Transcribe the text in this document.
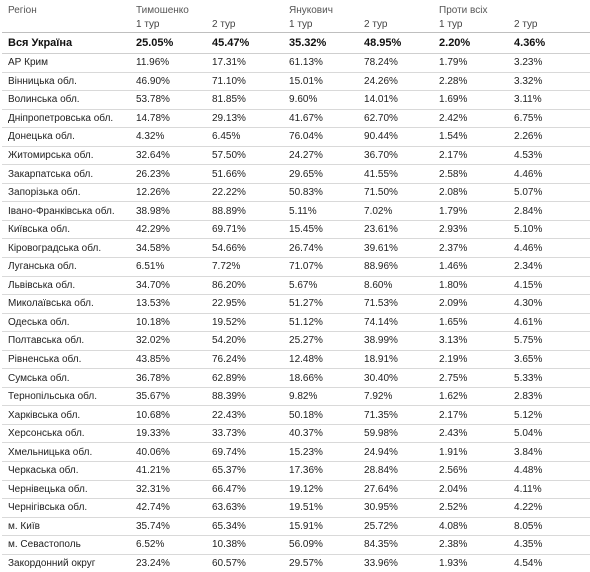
Регіон	Тимошенко		Янукович		Проти всіх	
	1 тур	2 тур	1 тур	2 тур	1 тур	2 тур
Вся Україна	25.05%	45.47%	35.32%	48.95%	2.20%	4.36%
АР Крим	11.96%	17.31%	61.13%	78.24%	1.79%	3.23%
Вінницька обл.	46.90%	71.10%	15.01%	24.26%	2.28%	3.32%
Волинська обл.	53.78%	81.85%	9.60%	14.01%	1.69%	3.11%
Дніпропетровська обл.	14.78%	29.13%	41.67%	62.70%	2.42%	6.75%
Донецька обл.	4.32%	6.45%	76.04%	90.44%	1.54%	2.26%
Житомирська обл.	32.64%	57.50%	24.27%	36.70%	2.17%	4.53%
Закарпатська обл.	26.23%	51.66%	29.65%	41.55%	2.58%	4.46%
Запорізька обл.	12.26%	22.22%	50.83%	71.50%	2.08%	5.07%
Івано-Франківська обл.	38.98%	88.89%	5.11%	7.02%	1.79%	2.84%
Київська обл.	42.29%	69.71%	15.45%	23.61%	2.93%	5.10%
Кіровоградська обл.	34.58%	54.66%	26.74%	39.61%	2.37%	4.46%
Луганська обл.	6.51%	7.72%	71.07%	88.96%	1.46%	2.34%
Львівська обл.	34.70%	86.20%	5.67%	8.60%	1.80%	4.15%
Миколаївська обл.	13.53%	22.95%	51.27%	71.53%	2.09%	4.30%
Одеська обл.	10.18%	19.52%	51.12%	74.14%	1.65%	4.61%
Полтавська обл.	32.02%	54.20%	25.27%	38.99%	3.13%	5.75%
Рівненська обл.	43.85%	76.24%	12.48%	18.91%	2.19%	3.65%
Сумська обл.	36.78%	62.89%	18.66%	30.40%	2.75%	5.33%
Тернопільська обл.	35.67%	88.39%	9.82%	7.92%	1.62%	2.83%
Харківська обл.	10.68%	22.43%	50.18%	71.35%	2.17%	5.12%
Херсонська обл.	19.33%	33.73%	40.37%	59.98%	2.43%	5.04%
Хмельницька обл.	40.06%	69.74%	15.23%	24.94%	1.91%	3.84%
Черкаська обл.	41.21%	65.37%	17.36%	28.84%	2.56%	4.48%
Чернівецька обл.	32.31%	66.47%	19.12%	27.64%	2.04%	4.11%
Чернігівська обл.	42.74%	63.63%	19.51%	30.95%	2.52%	4.22%
м. Київ	35.74%	65.34%	15.91%	25.72%	4.08%	8.05%
м. Севастополь	6.52%	10.38%	56.09%	84.35%	2.38%	4.35%
Закордонний округ	23.24%	60.57%	29.57%	33.96%	1.93%	4.54%
